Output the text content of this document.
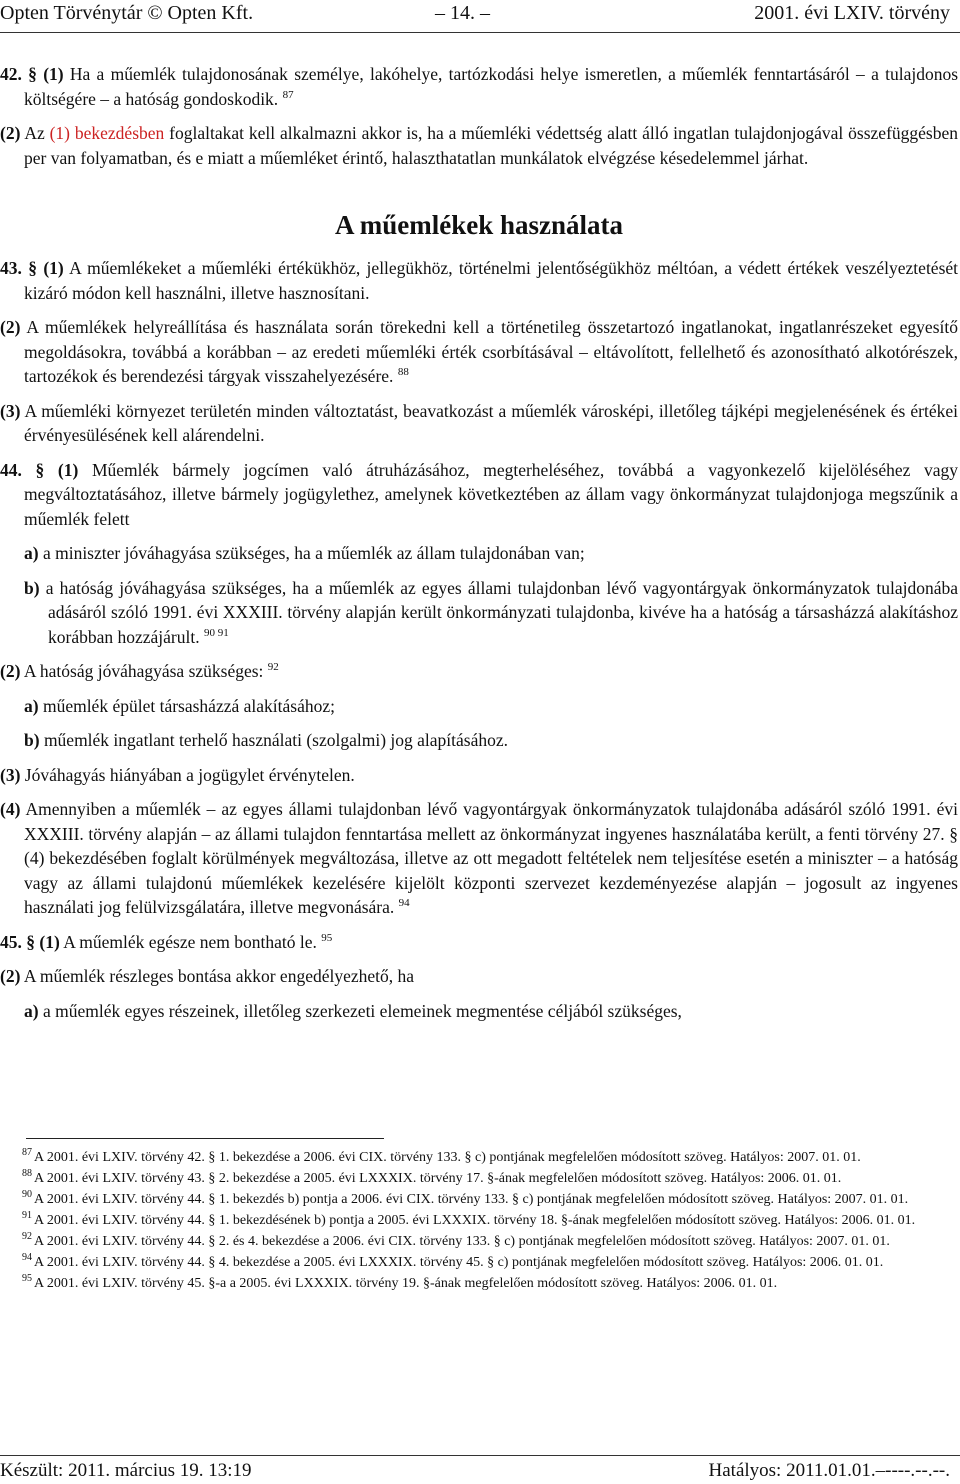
Opten Törvénytár © Opten Kft.	– 14. –	2001. évi LXIV. törvény

42. § (1) Ha a műemlék tulajdonosának személye, lakóhelye, tartózkodási helye ismeretlen, a műemlék fenntartásáról – a tulajdonos költségére – a hatóság gondoskodik. $^{87}$

(2) Az (1) bekezdésben foglaltakat kell alkalmazni akkor is, ha a műemléki védettség alatt álló ingatlan tulajdonjogával összefüggésben per van folyamatban, és e miatt a műemléket érintő, halaszthatatlan munkálatok elvégzése késedelemmel járhat.

A műemlékek használata

43. § (1) A műemlékeket a műemléki értékükhöz, jellegükhöz, történelmi jelentőségükhöz méltóan, a védett értékek veszélyeztetését kizáró módon kell használni, illetve hasznosítani.

(2) A műemlékek helyreállítása és használata során törekedni kell a történetileg összetartozó ingatlanokat, ingatlanrészeket egyesítő megoldásokra, továbbá a korábban – az eredeti műemléki érték csorbításával – eltávolított, fellelhető és azonosítható alkotórészek, tartozékok és berendezési tárgyak visszahelyezésére. $^{88}$

(3) A műemléki környezet területén minden változtatást, beavatkozást a műemlék városképi, illetőleg tájképi megjelenésének és értékei érvényesülésének kell alárendelni.

44. § (1) Műemlék bármely jogcímen való átruházásához, megterheléséhez, továbbá a vagyonkezelő kijelöléséhez vagy megváltoztatásához, illetve bármely jogügylethez, amelynek következtében az állam vagy önkormányzat tulajdonjoga megszűnik a műemlék felett

a) a miniszter jóváhagyása szükséges, ha a műemlék az állam tulajdonában van;

b) a hatóság jóváhagyása szükséges, ha a műemlék az egyes állami tulajdonban lévő vagyontárgyak önkormányzatok tulajdonába adásáról szóló 1991. évi XXXIII. törvény alapján került önkormányzati tulajdonba, kivéve ha a hatóság a társasházzá alakításhoz korábban hozzájárult. $^{90 91}$

(2) A hatóság jóváhagyása szükséges: $^{92}$

a) műemlék épület társasházzá alakításához;

b) műemlék ingatlant terhelő használati (szolgalmi) jog alapításához.

(3) Jóváhagyás hiányában a jogügylet érvénytelen.

(4) Amennyiben a műemlék – az egyes állami tulajdonban lévő vagyontárgyak önkormányzatok tulajdonába adásáról szóló 1991. évi XXXIII. törvény alapján – az állami tulajdon fenntartása mellett az önkormányzat ingyenes használatába került, a fenti törvény 27. § (4) bekezdésében foglalt körülmények megváltozása, illetve az ott megadott feltételek nem teljesítése esetén a miniszter – a hatóság vagy az állami tulajdonú műemlékek kezelésére kijelölt központi szervezet kezdeményezése alapján – jogosult az ingyenes használati jog felülvizsgálatára, illetve megvonására. $^{94}$

45. § (1) A műemlék egésze nem bontható le. $^{95}$

(2) A műemlék részleges bontása akkor engedélyezhető, ha

a) a műemlék egyes részeinek, illetőleg szerkezeti elemeinek megmentése céljából szükséges,

$^{87}$ A 2001. évi LXIV. törvény 42. § 1. bekezdése a 2006. évi CIX. törvény 133. § c) pontjának megfelelően módosított szöveg. Hatályos: 2007. 01. 01.

$^{88}$ A 2001. évi LXIV. törvény 43. § 2. bekezdése a 2005. évi LXXXIX. törvény 17. §-ának megfelelően módosított szöveg. Hatályos: 2006. 01. 01.

$^{90}$ A 2001. évi LXIV. törvény 44. § 1. bekezdés b) pontja a 2006. évi CIX. törvény 133. § c) pontjának megfelelően módosított szöveg. Hatályos: 2007. 01. 01.

$^{91}$ A 2001. évi LXIV. törvény 44. § 1. bekezdésének b) pontja a 2005. évi LXXXIX. törvény 18. §-ának megfelelően módosított szöveg. Hatályos: 2006. 01. 01.

$^{92}$ A 2001. évi LXIV. törvény 44. § 2. és 4. bekezdése a 2006. évi CIX. törvény 133. § c) pontjának megfelelően módosított szöveg. Hatályos: 2007. 01. 01.

$^{94}$ A 2001. évi LXIV. törvény 44. § 4. bekezdése a 2005. évi LXXXIX. törvény 45. § c) pontjának megfelelően módosított szöveg. Hatályos: 2006. 01. 01.

$^{95}$ A 2001. évi LXIV. törvény 45. §-a a 2005. évi LXXXIX. törvény 19. §-ának megfelelően módosított szöveg. Hatályos: 2006. 01. 01.

Készült: 2011. március 19. 13:19	Hatályos: 2011.01.01.–----.--.--.
